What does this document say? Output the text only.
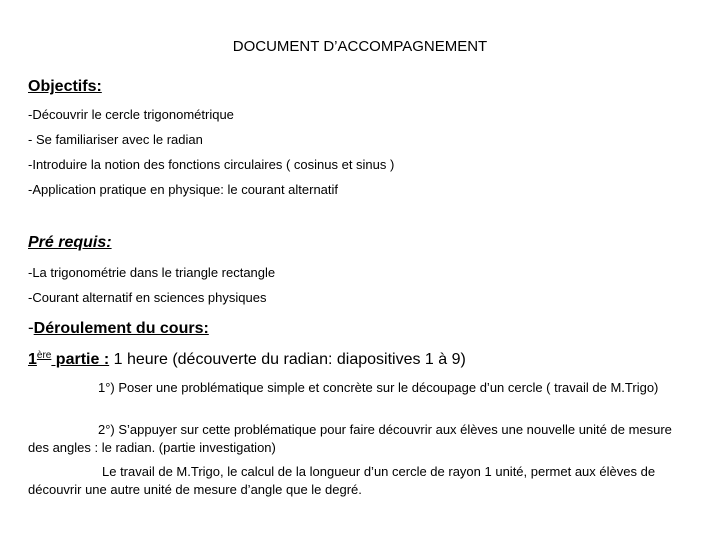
DOCUMENT D’ACCOMPAGNEMENT
Objectifs:
-Découvrir le cercle trigonométrique
- Se familiariser avec le radian
-Introduire la notion des fonctions circulaires ( cosinus et sinus )
-Application pratique en physique: le courant alternatif
Pré requis:
-La trigonométrie dans le triangle rectangle
-Courant alternatif en sciences physiques
-Déroulement du cours:
1ère partie : 1 heure (découverte du radian: diapositives 1 à 9)
1°) Poser une problématique simple et concrète sur le découpage d’un cercle ( travail de M.Trigo)
2°) S’appuyer sur cette problématique pour faire découvrir aux élèves une nouvelle unité de mesure des angles : le radian. (partie investigation)
Le travail de M.Trigo, le calcul de la longueur d’un cercle de rayon 1 unité, permet aux élèves de découvrir une autre unité de mesure d’angle que le degré.
